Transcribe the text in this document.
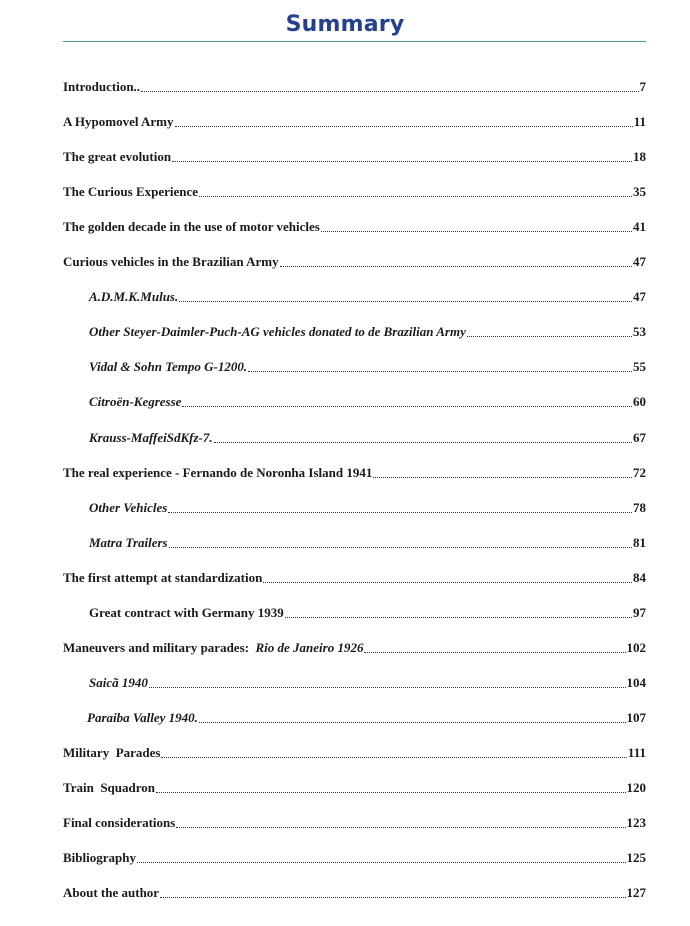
Summary
Introduction..	7
A Hypomovel Army	11
The great evolution	18
The Curious Experience	35
The golden decade in the use of motor vehicles	41
Curious vehicles in the Brazilian Army	47
A.D.M.K.Mulus.	47
Other Steyer-Daimler-Puch-AG vehicles donated to de Brazilian Army	53
Vidal & Sohn Tempo G-1200.	55
Citroën-Kegresse	60
Krauss-MaffeiSdKfz-7.	67
The real experience - Fernando de Noronha Island 1941	72
Other Vehicles	78
Matra Trailers	81
The first attempt at standardization	84
Great contract with Germany 1939	97
Maneuvers and military parades: Rio de Janeiro 1926	102
Saicã 1940	104
Paraiba Valley 1940.	107
Military  Parades	111
Train  Squadron	120
Final considerations	123
Bibliography	125
About the author	127
